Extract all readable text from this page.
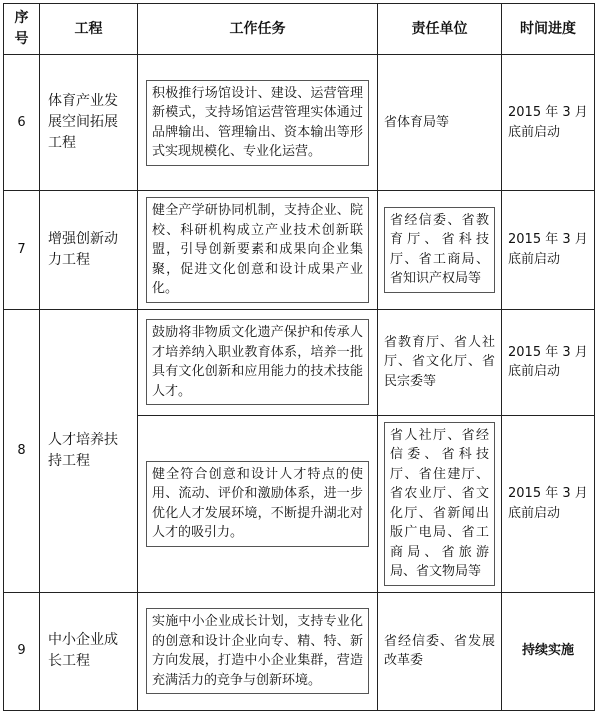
序号	工程	工作任务	责任单位	时间进度
6	体育产业发展空间拓展工程	积极推行场馆设计、建设、运营管理新模式，支持场馆运营管理实体通过品牌输出、管理输出、资本输出等形式实现规模化、专业化运营。	省体育局等	2015 年 3 月底前启动
7	增强创新动力工程	健全产学研协同机制，支持企业、院校、科研机构成立产业技术创新联盟，引导创新要素和成果向企业集聚，促进文化创意和设计成果产业化。	省经信委、省教育厅、省科技厅、省工商局、省知识产权局等	2015 年 3 月底前启动
8	人才培养扶持工程	鼓励将非物质文化遗产保护和传承人才培养纳入职业教育体系，培养一批具有文化创新和应用能力的技术技能人才。	省教育厅、省人社厅、省文化厅、省民宗委等	2015 年 3 月底前启动

		健全符合创意和设计人才特点的使用、流动、评价和激励体系，进一步优化人才发展环境，不断提升湖北对人才的吸引力。	省人社厅、省经信委、省科技厅、省住建厅、省农业厅、省文化厅、省新闻出版广电局、省工商局、省旅游局、省文物局等	2015 年 3 月底前启动
9	中小企业成长工程	实施中小企业成长计划，支持专业化的创意和设计企业向专、精、特、新方向发展，打造中小企业集群，营造充满活力的竞争与创新环境。	省经信委、省发展改革委	持续实施
